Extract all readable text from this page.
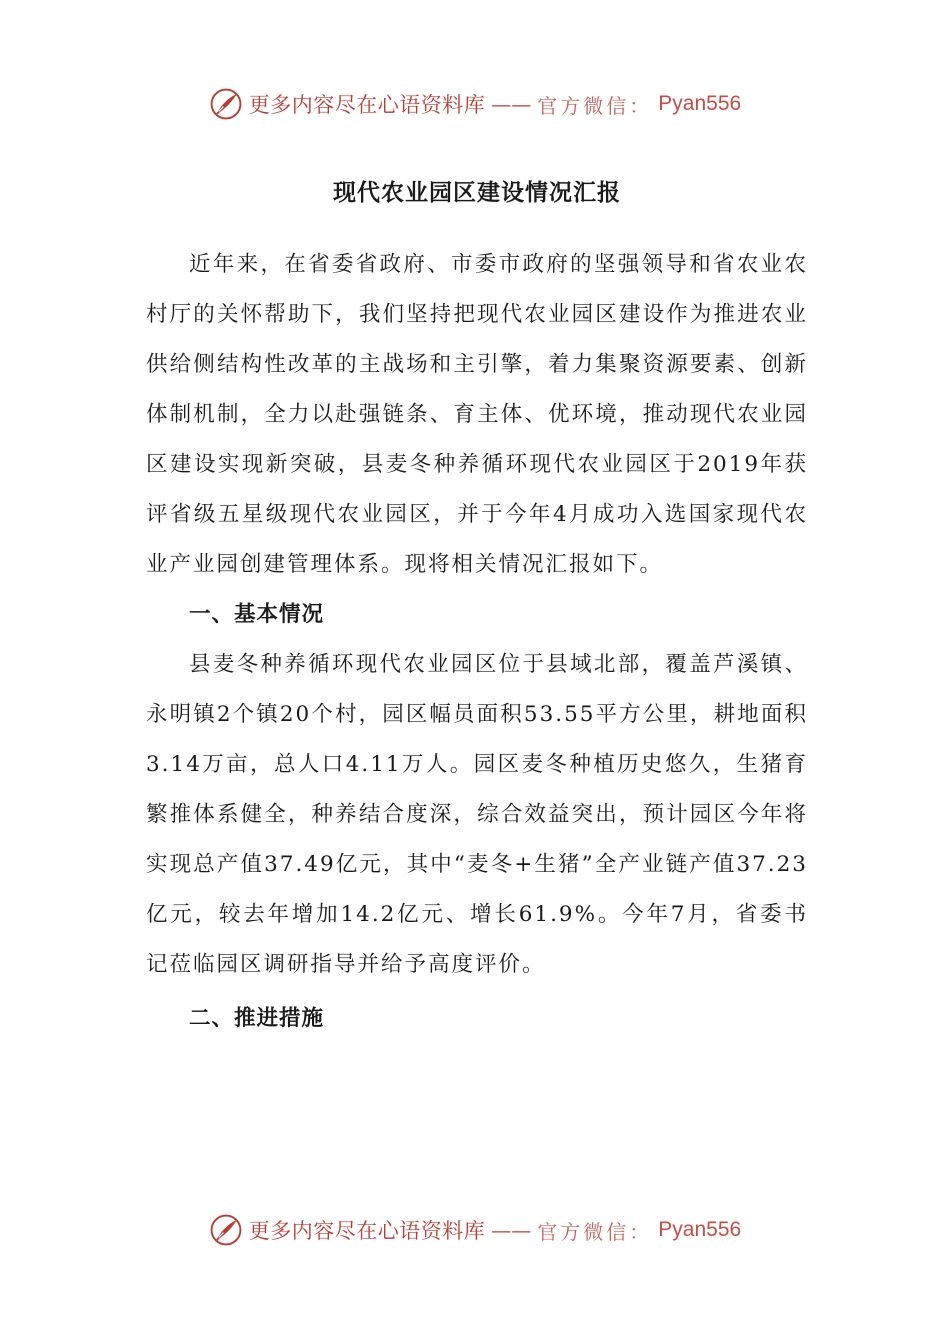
更多内容尽在心语资料库 —— 官方微信： Pyan556
现代农业园区建设情况汇报

近年来，在省委省政府、市委市政府的坚强领导和省农业农村厅的关怀帮助下，我们坚持把现代农业园区建设作为推进农业供给侧结构性改革的主战场和主引擎，着力集聚资源要素、创新体制机制，全力以赴强链条、育主体、优环境，推动现代农业园区建设实现新突破，县麦冬种养循环现代农业园区于2019年获评省级五星级现代农业园区，并于今年4月成功入选国家现代农业产业园创建管理体系。现将相关情况汇报如下。

一、基本情况

县麦冬种养循环现代农业园区位于县域北部，覆盖芦溪镇、永明镇2个镇20个村，园区幅员面积53.55平方公里，耕地面积3.14万亩，总人口4.11万人。园区麦冬种植历史悠久，生猪育繁推体系健全，种养结合度深，综合效益突出，预计园区今年将实现总产值37.49亿元，其中“麦冬+生猪”全产业链产值37.23亿元，较去年增加14.2亿元、增长61.9%。今年7月，省委书记莅临园区调研指导并给予高度评价。

二、推进措施
更多内容尽在心语资料库 —— 官方微信： Pyan556
